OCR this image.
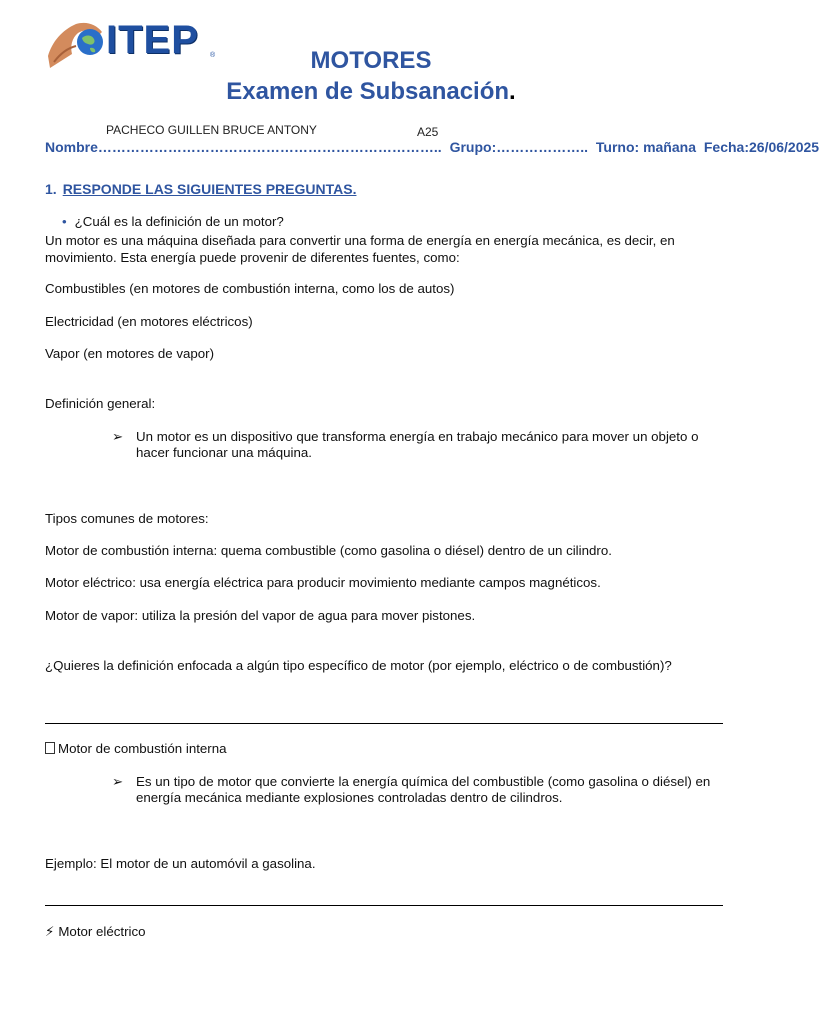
ITEP ®	MOTORES
Examen de Subsanación.
PACHECO GUILLEN BRUCE ANTONY	A25
Nombre……………………………………………………………….. Grupo:……………….. Turno: mañana Fecha:26/06/2025
1. RESPONDE LAS SIGUIENTES PREGUNTAS.
• ¿Cuál es la definición de un motor?
Un motor es una máquina diseñada para convertir una forma de energía en energía mecánica, es decir, en movimiento. Esta energía puede provenir de diferentes fuentes, como:
Combustibles (en motores de combustión interna, como los de autos)
Electricidad (en motores eléctricos)
Vapor (en motores de vapor)
Definición general:
➢ Un motor es un dispositivo que transforma energía en trabajo mecánico para mover un objeto o hacer funcionar una máquina.
Tipos comunes de motores:
Motor de combustión interna: quema combustible (como gasolina o diésel) dentro de un cilindro.
Motor eléctrico: usa energía eléctrica para producir movimiento mediante campos magnéticos.
Motor de vapor: utiliza la presión del vapor de agua para mover pistones.
¿Quieres la definición enfocada a algún tipo específico de motor (por ejemplo, eléctrico o de combustión)?
Motor de combustión interna
➢ Es un tipo de motor que convierte la energía química del combustible (como gasolina o diésel) en energía mecánica mediante explosiones controladas dentro de cilindros.
Ejemplo: El motor de un automóvil a gasolina.
⚡ Motor eléctrico
